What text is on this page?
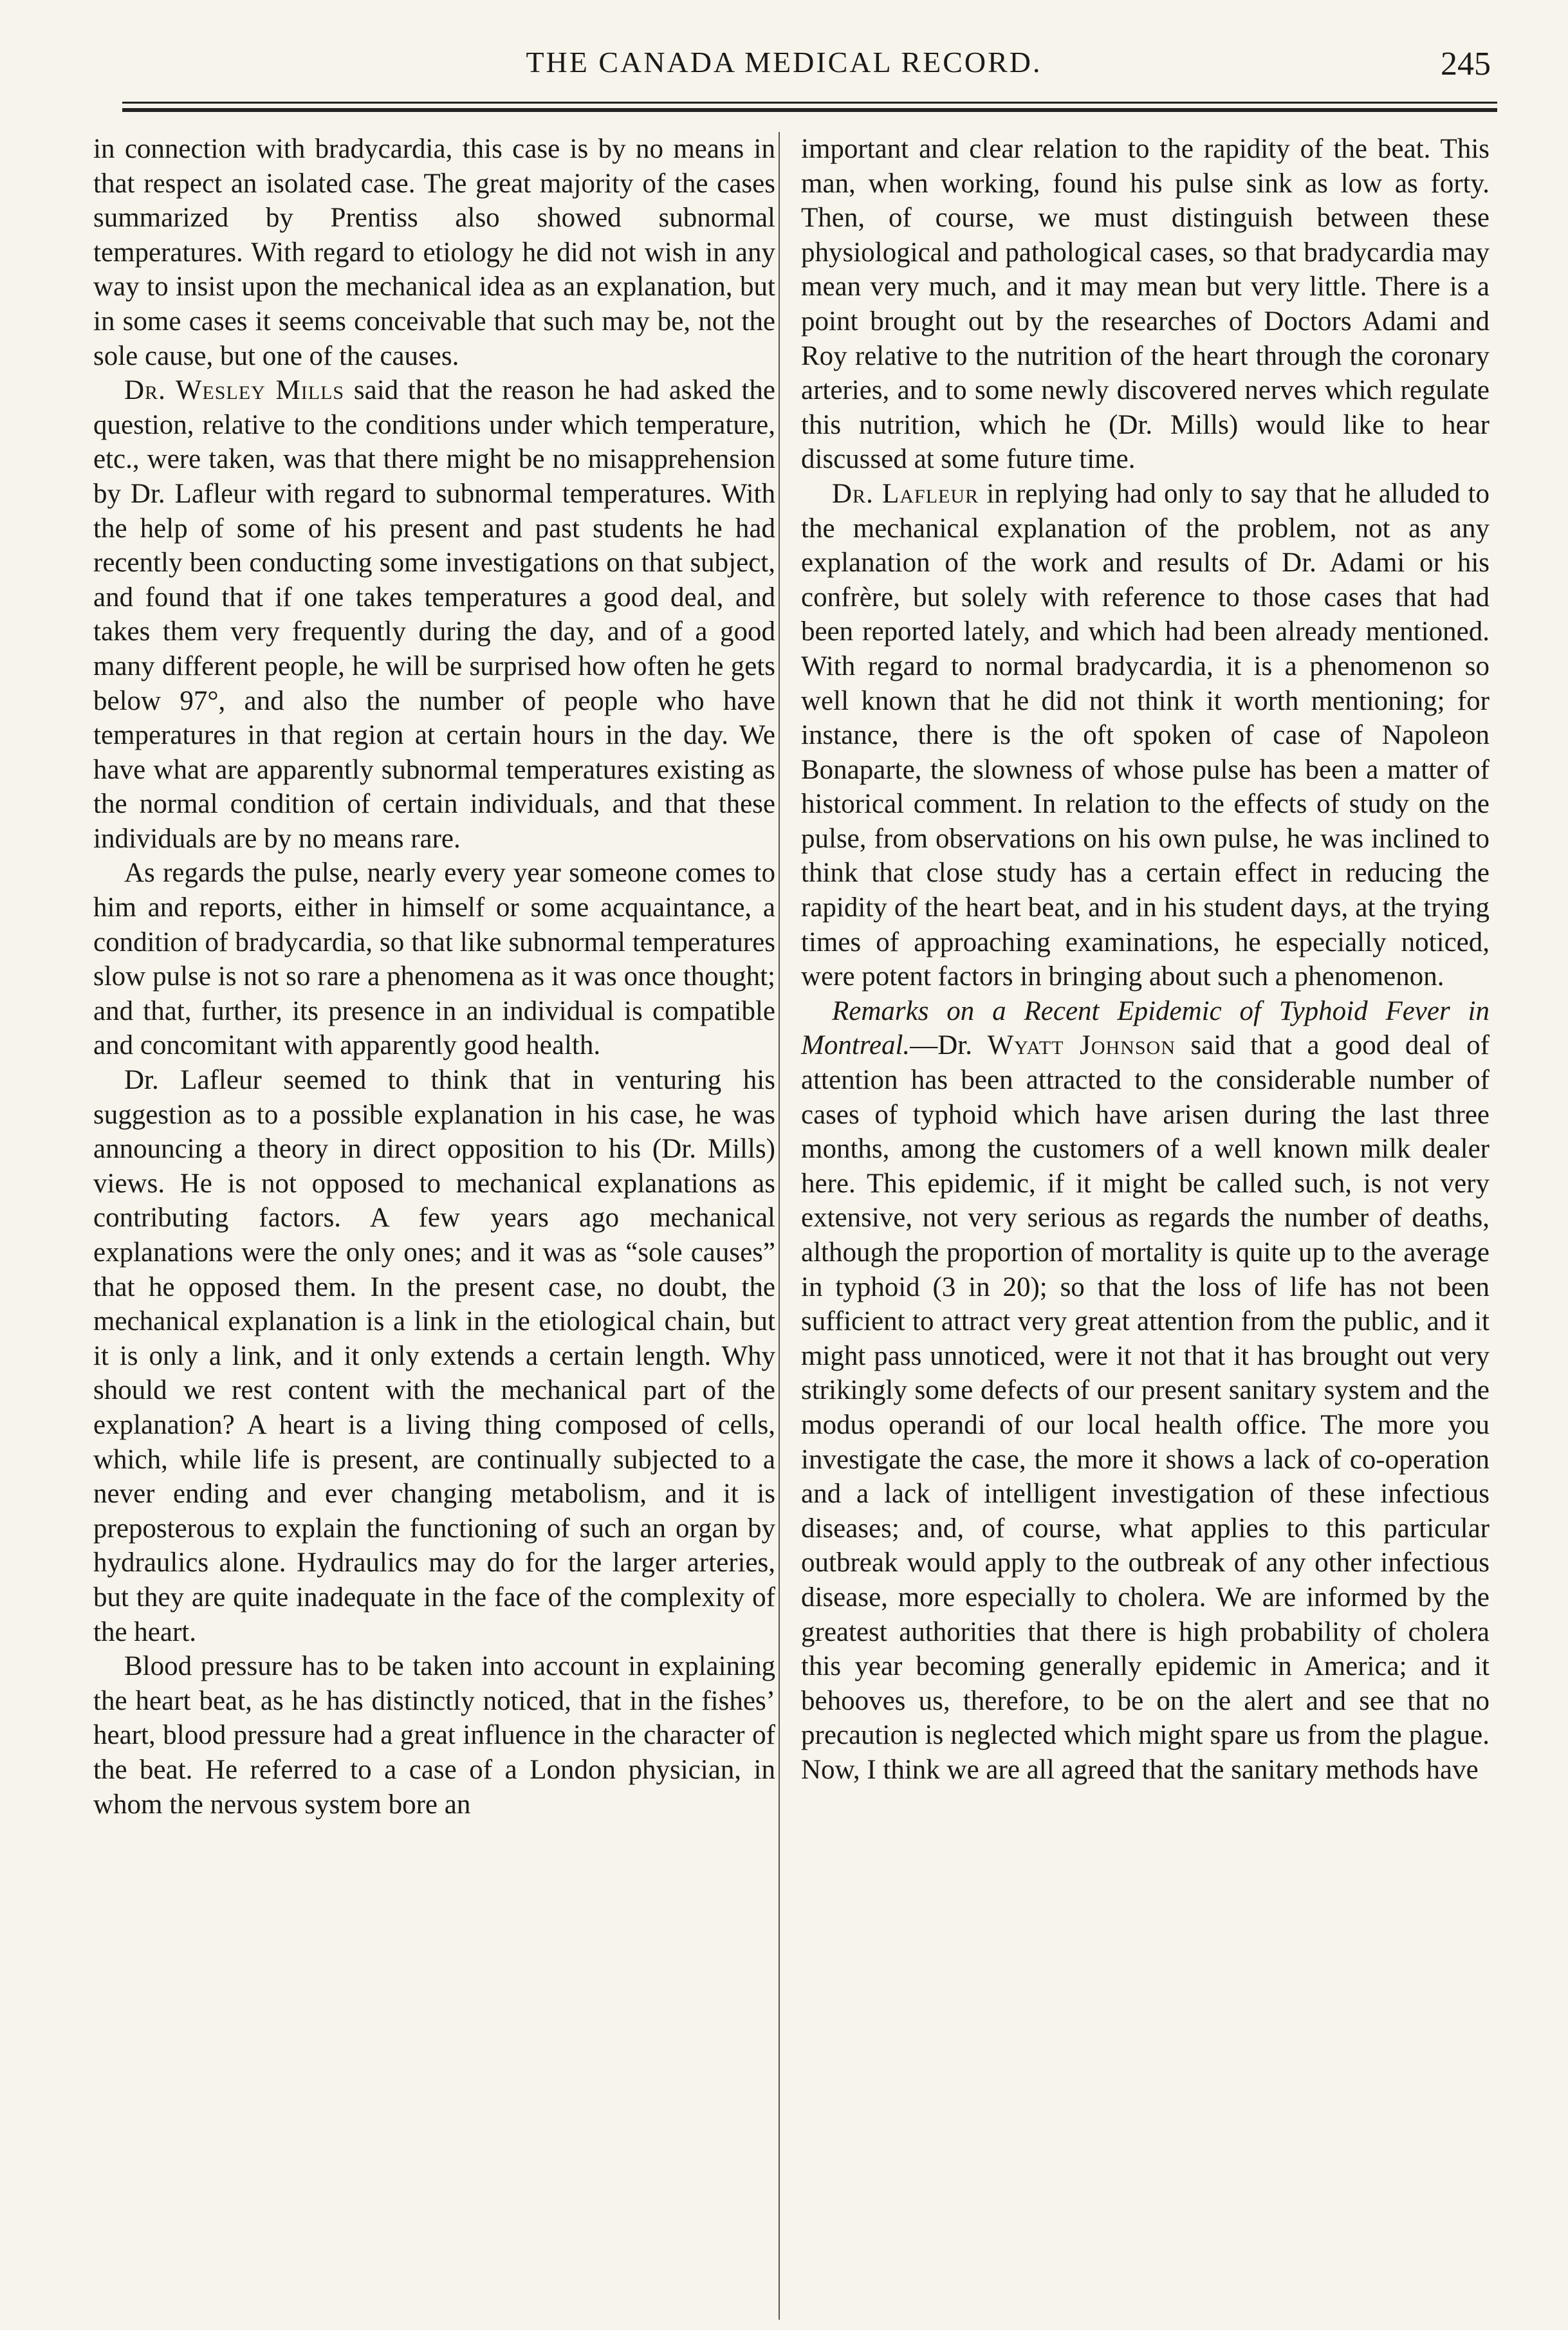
THE CANADA MEDICAL RECORD.	245

in connection with bradycardia, this case is by no means in that respect an isolated case. The great majority of the cases summarized by Prentiss also showed subnormal temperatures. With regard to etiology he did not wish in any way to insist upon the mechanical idea as an explanation, but in some cases it seems conceivable that such may be, not the sole cause, but one of the causes.

Dr. Wesley Mills said that the reason he had asked the question, relative to the conditions under which temperature, etc., were taken, was that there might be no misapprehension by Dr. Lafleur with regard to subnormal temperatures. With the help of some of his present and past students he had recently been conducting some investigations on that subject, and found that if one takes temperatures a good deal, and takes them very frequently during the day, and of a good many different people, he will be surprised how often he gets below 97°, and also the number of people who have temperatures in that region at certain hours in the day. We have what are apparently subnormal temperatures existing as the normal condition of certain individuals, and that these individuals are by no means rare.

As regards the pulse, nearly every year someone comes to him and reports, either in himself or some acquaintance, a condition of bradycardia, so that like subnormal temperatures slow pulse is not so rare a phenomena as it was once thought; and that, further, its presence in an individual is compatible and concomitant with apparently good health.

Dr. Lafleur seemed to think that in venturing his suggestion as to a possible explanation in his case, he was announcing a theory in direct opposition to his (Dr. Mills) views. He is not opposed to mechanical explanations as contributing factors. A few years ago mechanical explanations were the only ones; and it was as “sole causes” that he opposed them. In the present case, no doubt, the mechanical explanation is a link in the etiological chain, but it is only a link, and it only extends a certain length. Why should we rest content with the mechanical part of the explanation? A heart is a living thing composed of cells, which, while life is present, are continually subjected to a never ending and ever changing metabolism, and it is preposterous to explain the functioning of such an organ by hydraulics alone. Hydraulics may do for the larger arteries, but they are quite inadequate in the face of the complexity of the heart.

Blood pressure has to be taken into account in explaining the heart beat, as he has distinctly noticed, that in the fishes’ heart, blood pressure had a great influence in the character of the beat. He referred to a case of a London physician, in whom the nervous system bore an

important and clear relation to the rapidity of the beat. This man, when working, found his pulse sink as low as forty. Then, of course, we must distinguish between these physiological and pathological cases, so that bradycardia may mean very much, and it may mean but very little. There is a point brought out by the researches of Doctors Adami and Roy relative to the nutrition of the heart through the coronary arteries, and to some newly discovered nerves which regulate this nutrition, which he (Dr. Mills) would like to hear discussed at some future time.

Dr. Lafleur in replying had only to say that he alluded to the mechanical explanation of the problem, not as any explanation of the work and results of Dr. Adami or his confrère, but solely with reference to those cases that had been reported lately, and which had been already mentioned. With regard to normal bradycardia, it is a phenomenon so well known that he did not think it worth mentioning; for instance, there is the oft spoken of case of Napoleon Bonaparte, the slowness of whose pulse has been a matter of historical comment. In relation to the effects of study on the pulse, from observations on his own pulse, he was inclined to think that close study has a certain effect in reducing the rapidity of the heart beat, and in his student days, at the trying times of approaching examinations, he especially noticed, were potent factors in bringing about such a phenomenon.

Remarks on a Recent Epidemic of Typhoid Fever in Montreal.—Dr. Wyatt Johnson said that a good deal of attention has been attracted to the considerable number of cases of typhoid which have arisen during the last three months, among the customers of a well known milk dealer here. This epidemic, if it might be called such, is not very extensive, not very serious as regards the number of deaths, although the proportion of mortality is quite up to the average in typhoid (3 in 20); so that the loss of life has not been sufficient to attract very great attention from the public, and it might pass unnoticed, were it not that it has brought out very strikingly some defects of our present sanitary system and the modus operandi of our local health office. The more you investigate the case, the more it shows a lack of co-operation and a lack of intelligent investigation of these infectious diseases; and, of course, what applies to this particular outbreak would apply to the outbreak of any other infectious disease, more especially to cholera. We are informed by the greatest authorities that there is high probability of cholera this year becoming generally epidemic in America; and it behooves us, therefore, to be on the alert and see that no precaution is neglected which might spare us from the plague. Now, I think we are all agreed that the sanitary methods have
